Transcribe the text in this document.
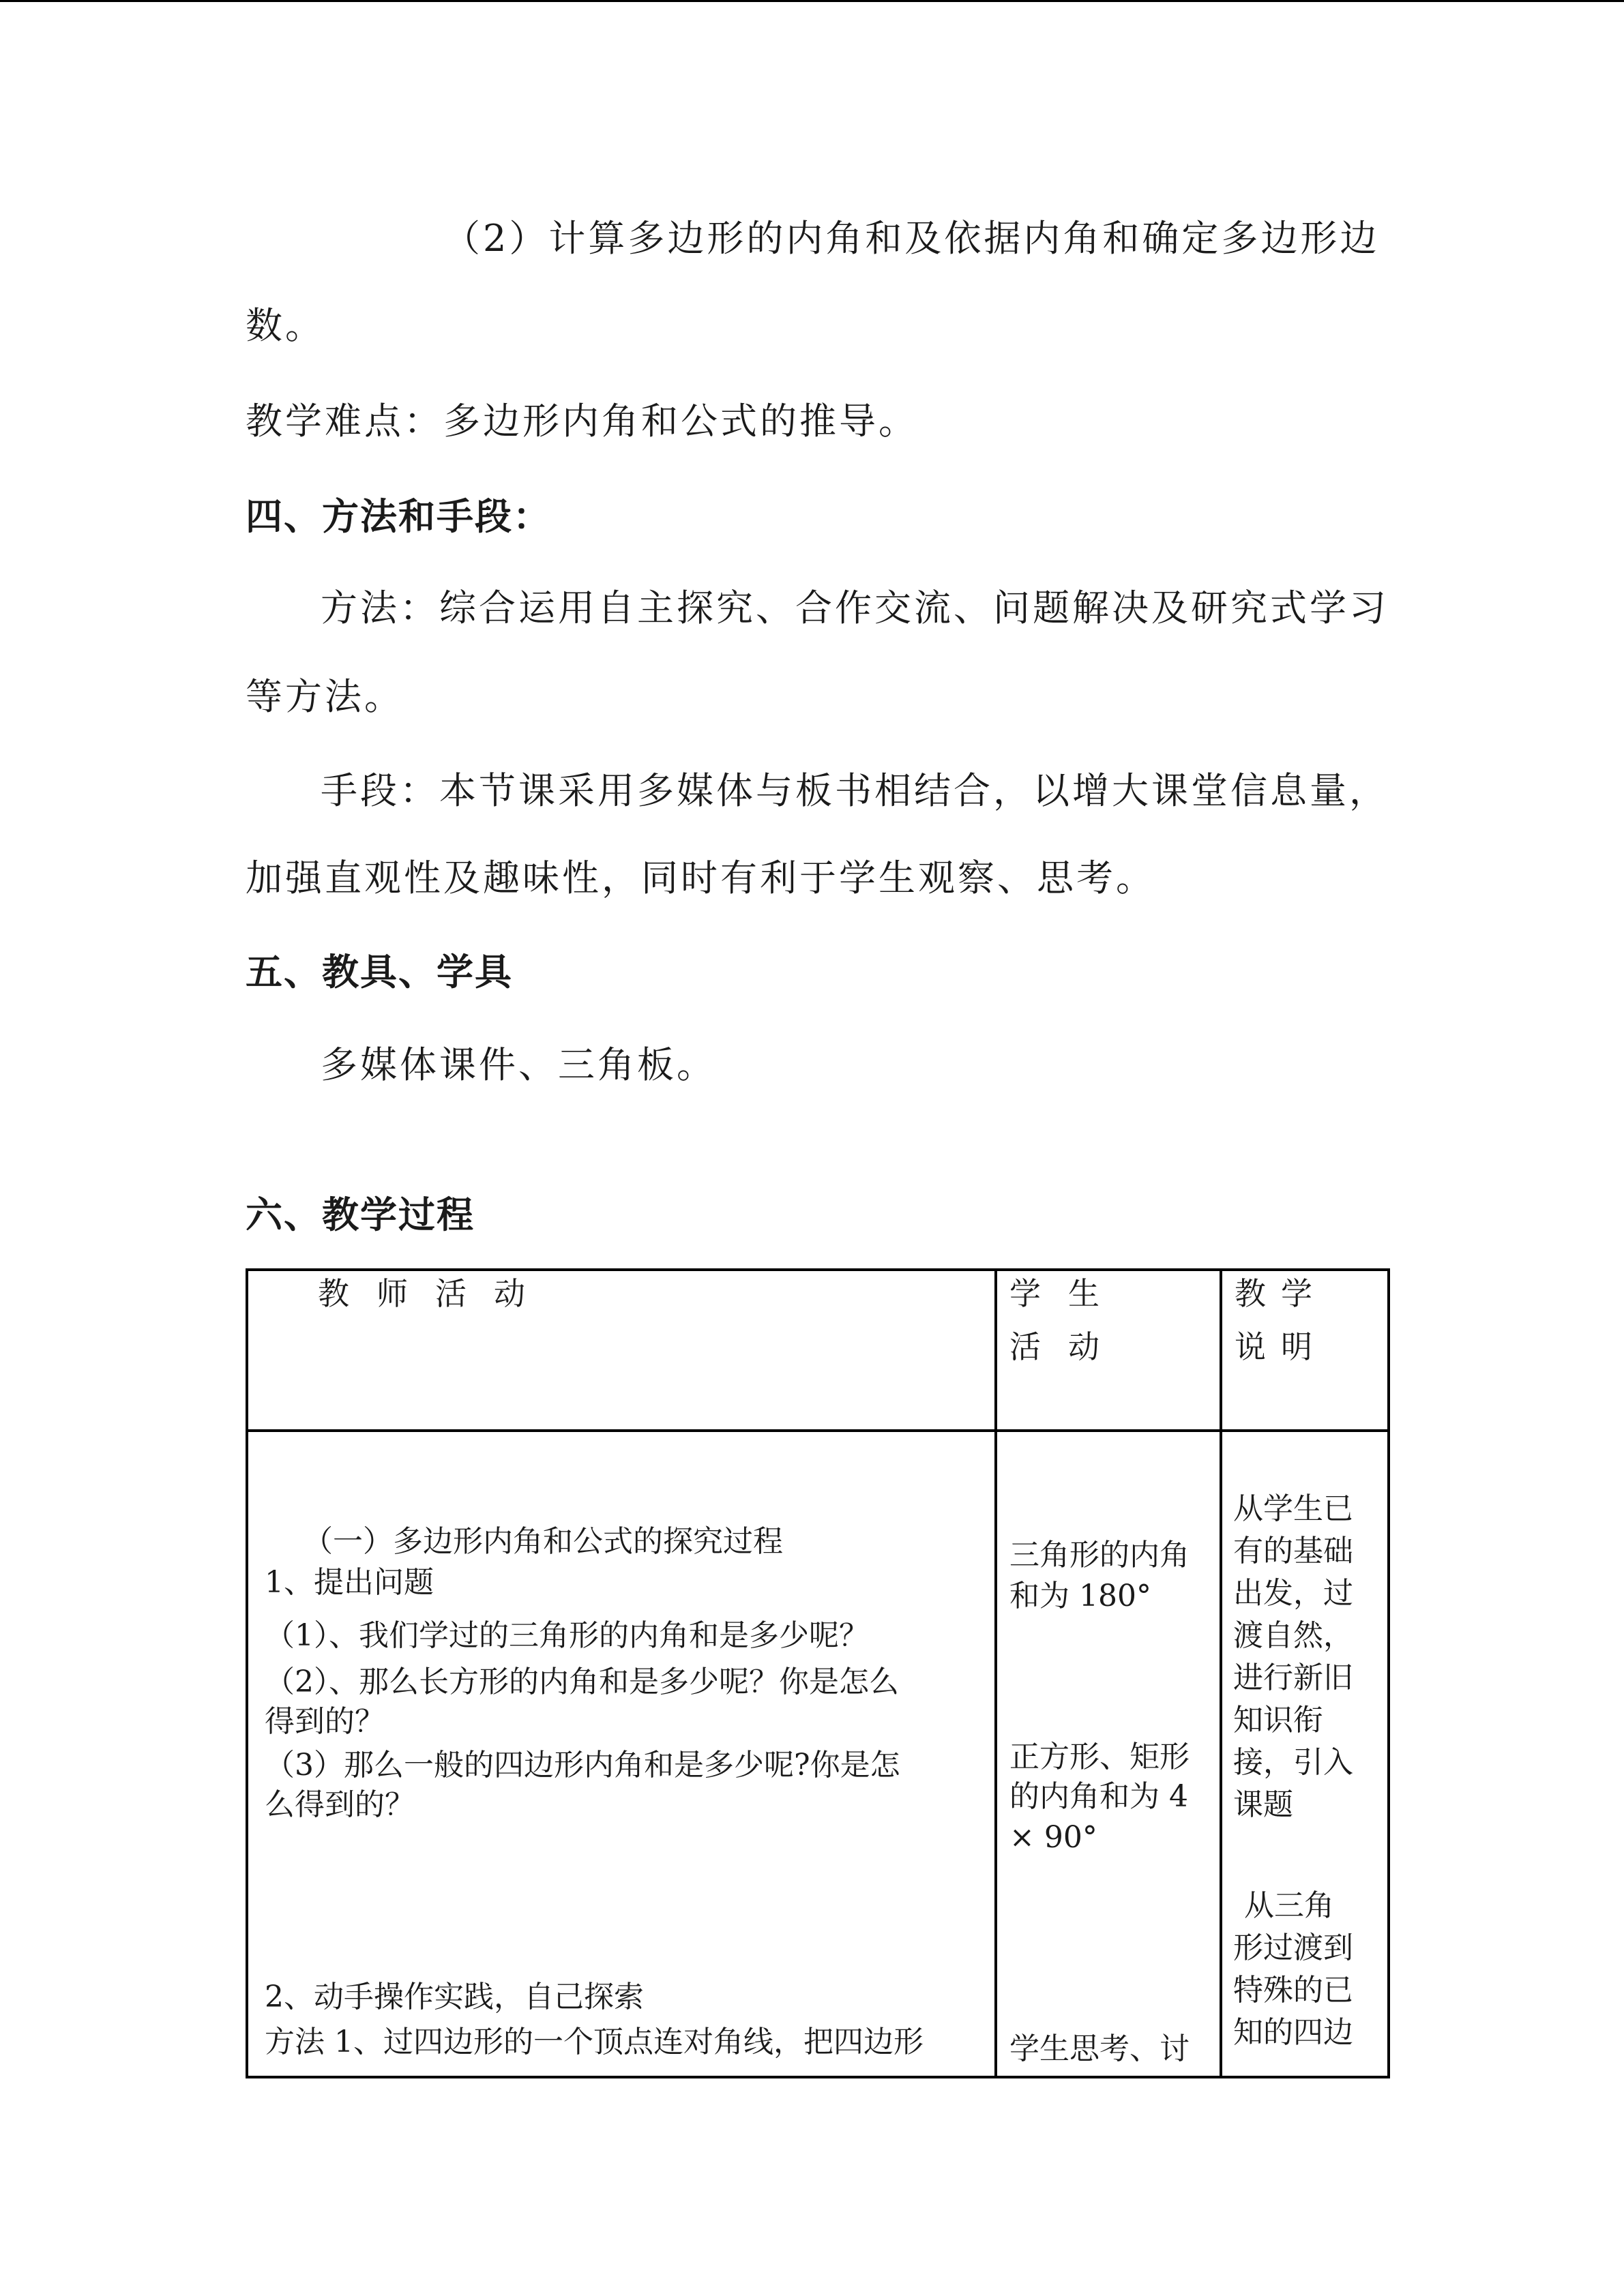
（2）计算多边形的内角和及依据内角和确定多边形边
数。
教学难点：多边形内角和公式的推导。
四、方法和手段：
方法：综合运用自主探究、合作交流、问题解决及研究式学习
等方法。
手段：本节课采用多媒体与板书相结合，以增大课堂信息量，
加强直观性及趣味性，同时有利于学生观察、思考。
五、教具、学具
多媒体课件、三角板。
六、教学过程
教师活动	学生
活动
教学
说明
（一）多边形内角和公式的探究过程
1、提出问题
（1）、我们学过的三角形的内角和是多少呢？
（2）、那么长方形的内角和是多少呢？你是怎么
得到的？
（3）那么一般的四边形内角和是多少呢?你是怎
么得到的？
2、动手操作实践，自己探索
方法 1、过四边形的一个顶点连对角线，把四边形
三角形的内角
和为 180°
正方形、矩形
的内角和为 4
× 90°
学生思考、讨
从学生已
有的基础
出发，过
渡自然，
进行新旧
知识衔
接，引入
课题
从三角
形过渡到
特殊的已
知的四边
